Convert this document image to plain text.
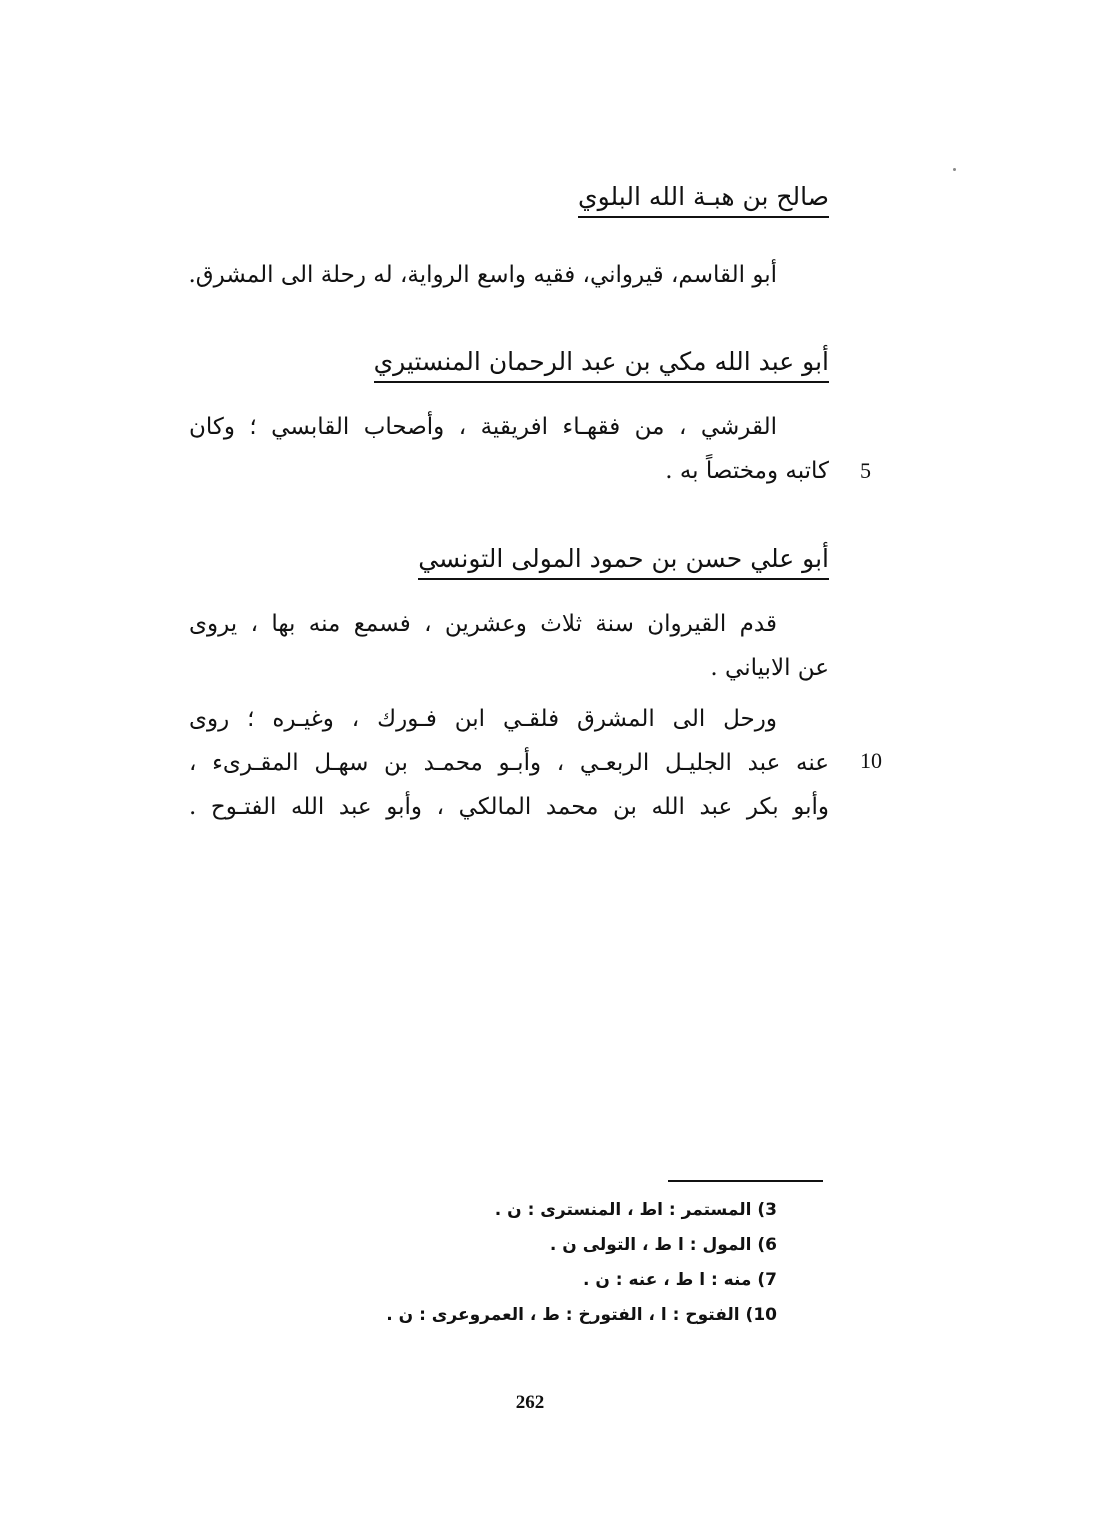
صالح بن هبـة الله البلوي
أبو القاسم، قيرواني، فقيه واسع الرواية، له رحلة الى المشرق.
أبو عبد الله مكي بن عبد الرحمان المنستيري
القرشي ، من فقهـاء افريقية ، وأصحاب القابسي ؛ وكان
كاتبه ومختصاً به . 5
أبو علي حسن بن حمود المولى التونسي
قدم القيروان سنة ثلاث وعشرين ، فسمع منه بها ، يروى
عن الابياني .
ورحل الى المشرق فلقـي ابن فـورك ، وغيـره ؛ روى
عنه عبد الجليـل الربعـي ، وأبـو محمـد بن سهـل المقـرىء ، 10
وأبو بكر عبد الله بن محمد المالكي ، وأبو عبد الله الفتـوح .
3) المستمر : اط ، المنسترى : ن .
6) المول : ا ط ، التولى ن .
7) منه : ا ط ، عنه : ن .
10) الفتوح : ا ، الفتورخ : ط ، العمروعرى : ن .
262
